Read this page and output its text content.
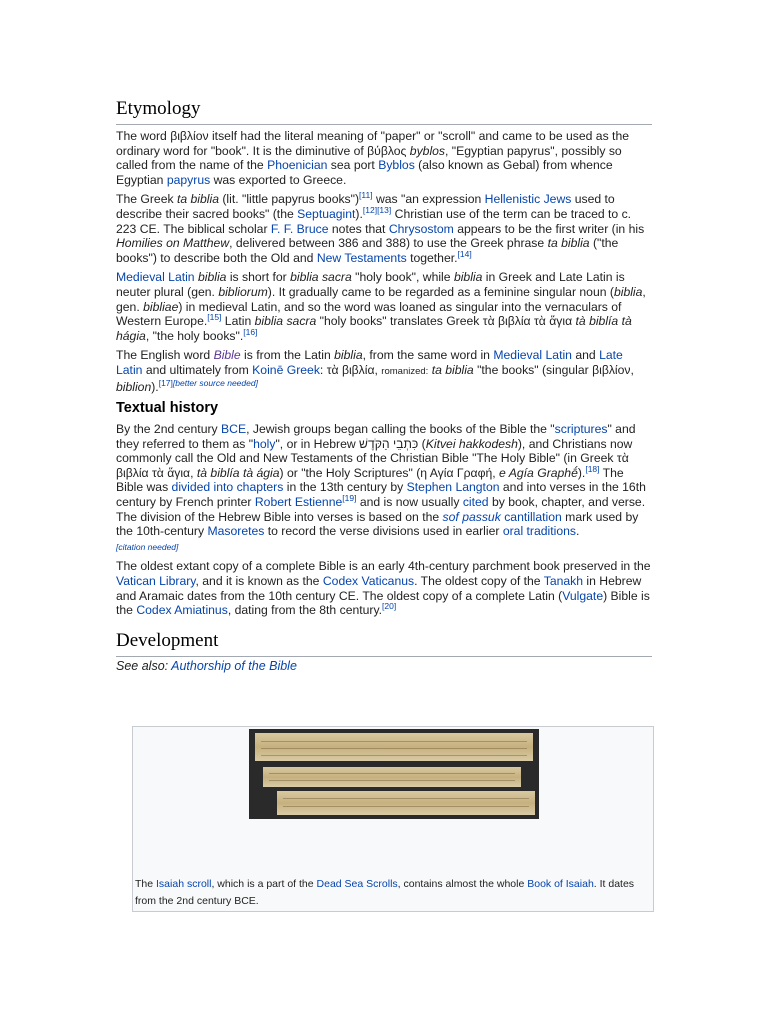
Etymology

The word βιβλίον itself had the literal meaning of "paper" or "scroll" and came to be used as the ordinary word for "book". It is the diminutive of βύβλος byblos, "Egyptian papyrus", possibly so called from the name of the Phoenician sea port Byblos (also known as Gebal) from whence Egyptian papyrus was exported to Greece.

The Greek ta biblia (lit. "little papyrus books")[11] was "an expression Hellenistic Jews used to describe their sacred books" (the Septuagint).[12][13] Christian use of the term can be traced to c. 223 CE. The biblical scholar F. F. Bruce notes that Chrysostom appears to be the first writer (in his Homilies on Matthew, delivered between 386 and 388) to use the Greek phrase ta biblia ("the books") to describe both the Old and New Testaments together.[14]

Medieval Latin biblia is short for biblia sacra "holy book", while biblia in Greek and Late Latin is neuter plural (gen. bibliorum). It gradually came to be regarded as a feminine singular noun (biblia, gen. bibliae) in medieval Latin, and so the word was loaned as singular into the vernaculars of Western Europe.[15] Latin biblia sacra "holy books" translates Greek τὰ βιβλία τὰ ἅγια tà biblía tà hágia, "the holy books".[16]

The English word Bible is from the Latin biblia, from the same word in Medieval Latin and Late Latin and ultimately from Koinē Greek: τὰ βιβλία, romanized: ta biblia "the books" (singular βιβλίον, biblion).[17][better source needed]

Textual history

By the 2nd century BCE, Jewish groups began calling the books of the Bible the "scriptures" and they referred to them as "holy", or in Hebrew כִּתְבֵי הַקֹּדֶשׁ (Kitvei hakkodesh), and Christians now commonly call the Old and New Testaments of the Christian Bible "The Holy Bible" (in Greek τὰ βιβλία τὰ ἅγια, tà biblía tà ágia) or "the Holy Scriptures" (η Αγία Γραφή, e Agía Graphḗ).[18] The Bible was divided into chapters in the 13th century by Stephen Langton and into verses in the 16th century by French printer Robert Estienne[19] and is now usually cited by book, chapter, and verse. The division of the Hebrew Bible into verses is based on the sof passuk cantillation mark used by the 10th-century Masoretes to record the verse divisions used in earlier oral traditions.
[citation needed]

The oldest extant copy of a complete Bible is an early 4th-century parchment book preserved in the Vatican Library, and it is known as the Codex Vaticanus. The oldest copy of the Tanakh in Hebrew and Aramaic dates from the 10th century CE. The oldest copy of a complete Latin (Vulgate) Bible is the Codex Amiatinus, dating from the 8th century.[20]

Development
See also: Authorship of the Bible
The Isaiah scroll, which is a part of the Dead Sea Scrolls, contains almost the whole Book of Isaiah. It dates from the 2nd century BCE.
